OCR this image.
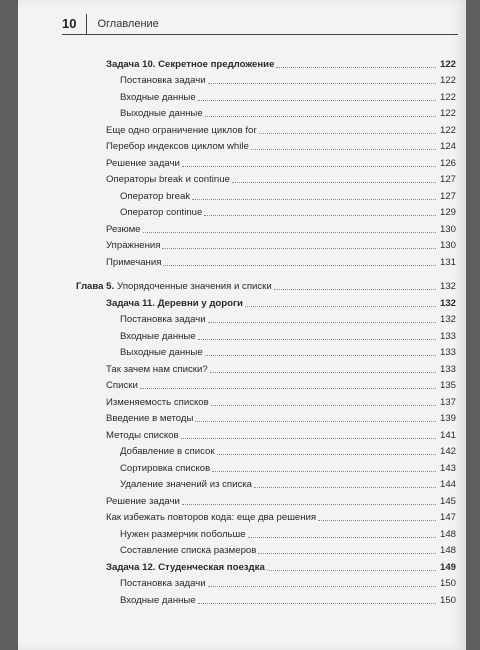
10	Оглавление
Задача 10. Секретное предложение	122
Постановка задачи	122
Входные данные	122
Выходные данные	122
Еще одно ограничение циклов for	122
Перебор индексов циклом while	124
Решение задачи	126
Операторы break и continue	127
Оператор break	127
Оператор continue	129
Резюме	130
Упражнения	130
Примечания	131
Глава 5. Упорядоченные значения и списки	132
Задача 11. Деревни у дороги	132
Постановка задачи	132
Входные данные	133
Выходные данные	133
Так зачем нам списки?	133
Списки	135
Изменяемость списков	137
Введение в методы	139
Методы списков	141
Добавление в список	142
Сортировка списков	143
Удаление значений из списка	144
Решение задачи	145
Как избежать повторов кода: еще два решения	147
Нужен размерчик побольше	148
Составление списка размеров	148
Задача 12. Студенческая поездка	149
Постановка задачи	150
Входные данные	150
